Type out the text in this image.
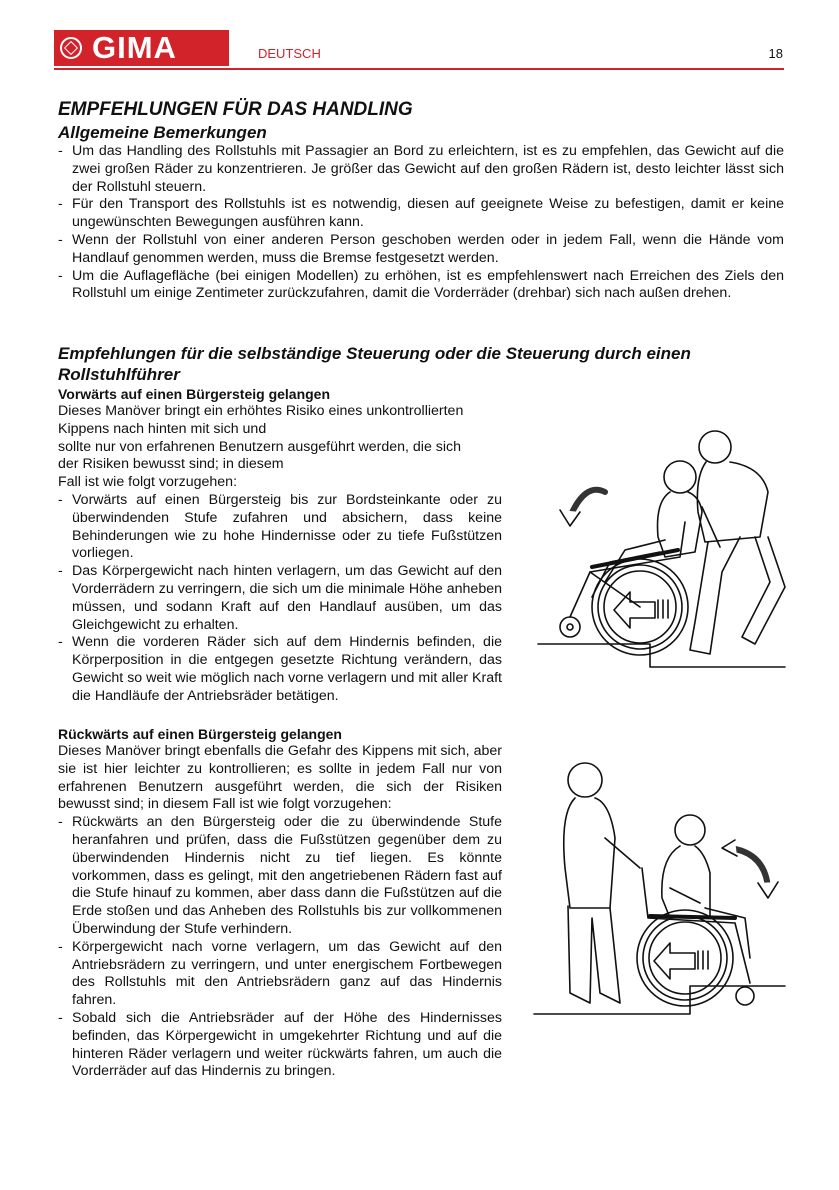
GIMA	DEUTSCH	18
EMPFEHLUNGEN FÜR DAS HANDLING
Allgemeine Bemerkungen
- Um das Handling des Rollstuhls mit Passagier an Bord zu erleichtern, ist es zu empfehlen, das Gewicht auf die zwei großen Räder zu konzentrieren. Je größer das Gewicht auf den großen Rädern ist, desto leichter lässt sich der Rollstuhl steuern.
- Für den Transport des Rollstuhls ist es notwendig, diesen auf geeignete Weise zu befestigen, damit er keine ungewünschten Bewegungen ausführen kann.
- Wenn der Rollstuhl von einer anderen Person geschoben werden oder in jedem Fall, wenn die Hände vom Handlauf genommen werden, muss die Bremse festgesetzt werden.
- Um die Auflagefläche (bei einigen Modellen) zu erhöhen, ist es empfehlenswert nach Erreichen des Ziels den Rollstuhl um einige Zentimeter zurückzufahren, damit die Vorderräder (drehbar) sich nach außen drehen.
Empfehlungen für die selbständige Steuerung oder die Steuerung durch einen Rollstuhlführer
Vorwärts auf einen Bürgersteig gelangen

Dieses Manöver bringt ein erhöhtes Risiko eines unkontrollierten

Kippens nach hinten mit sich und

sollte nur von erfahrenen Benutzern ausgeführt werden, die sich

der Risiken bewusst sind; in diesem

Fall ist wie folgt vorzugehen:

- Vorwärts auf einen Bürgersteig bis zur Bordsteinkante oder zu überwindenden Stufe zufahren und absichern, dass keine Behinderungen wie zu hohe Hindernisse oder zu tiefe Fußstützen vorliegen.
- Das Körpergewicht nach hinten verlagern, um das Gewicht auf den Vorderrädern zu verringern, die sich um die minimale Höhe anheben müssen, und sodann Kraft auf den Handlauf ausüben, um das Gleichgewicht zu erhalten.
- Wenn die vorderen Räder sich auf dem Hindernis befinden, die Körperposition in die entgegen gesetzte Richtung verändern, das Gewicht so weit wie möglich nach vorne verlagern und mit aller Kraft die Handläufe der Antriebsräder betätigen.
Rückwärts auf einen Bürgersteig gelangen

Dieses Manöver bringt ebenfalls die Gefahr des Kippens mit sich, aber sie ist hier leichter zu kontrollieren; es sollte in jedem Fall nur von erfahrenen Benutzern ausgeführt werden, die sich der Risiken bewusst sind; in diesem Fall ist wie folgt vorzugehen:

- Rückwärts an den Bürgersteig oder die zu überwindende Stufe heranfahren und prüfen, dass die Fußstützen gegenüber dem zu überwindenden Hindernis nicht zu tief liegen. Es könnte vorkommen, dass es gelingt, mit den angetriebenen Rädern fast auf die Stufe hinauf zu kommen, aber dass dann die Fußstützen auf die Erde stoßen und das Anheben des Rollstuhls bis zur vollkommenen Überwindung der Stufe verhindern.
- Körpergewicht nach vorne verlagern, um das Gewicht auf den Antriebsrädern zu verringern, und unter energischem Fortbewegen des Rollstuhls mit den Antriebsrädern ganz auf das Hindernis fahren.
- Sobald sich die Antriebsräder auf der Höhe des Hindernisses befinden, das Körpergewicht in umgekehrter Richtung und auf die hinteren Räder verlagern und weiter rückwärts fahren, um auch die Vorderräder auf das Hindernis zu bringen.
